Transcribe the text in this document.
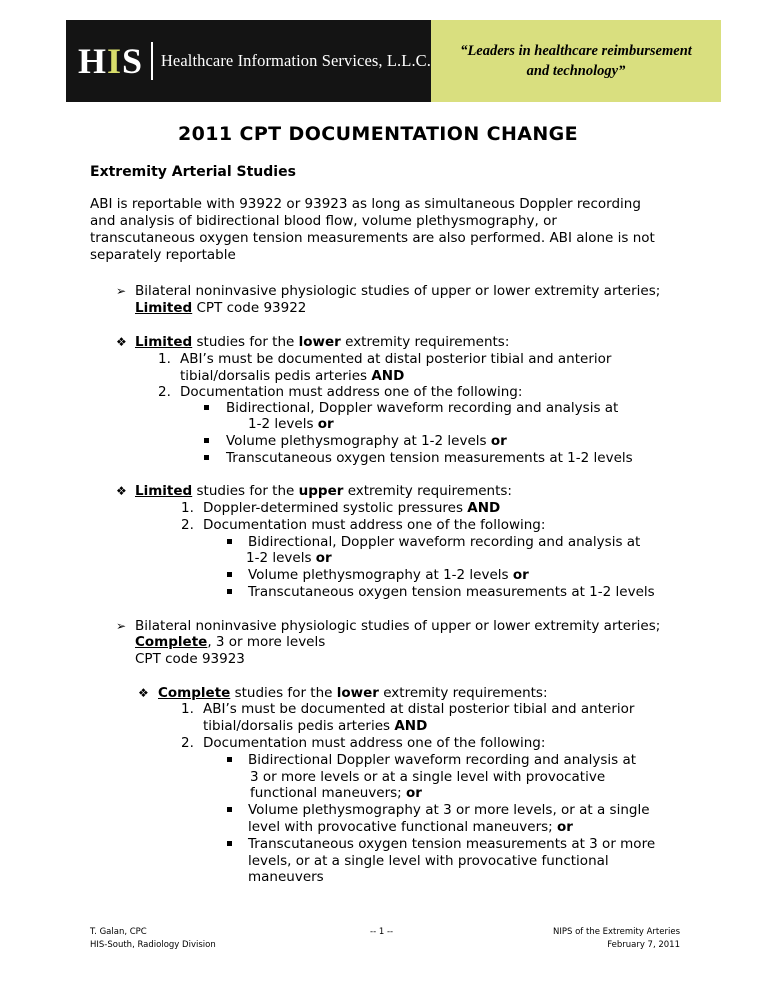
HIS Healthcare Information Services, L.L.C.
“Leaders in healthcare reimbursement
and technology”
2011 CPT DOCUMENTATION CHANGE
Extremity Arterial Studies
ABI is reportable with 93922 or 93923 as long as simultaneous Doppler recording
and analysis of bidirectional blood flow, volume plethysmography, or
transcutaneous oxygen tension measurements are also performed. ABI alone is not
separately reportable
➢ Bilateral noninvasive physiologic studies of upper or lower extremity arteries;
Limited CPT code 93922
❖ Limited studies for the lower extremity requirements:
1. ABI’s must be documented at distal posterior tibial and anterior
tibial/dorsalis pedis arteries AND
2. Documentation must address one of the following:
Bidirectional, Doppler waveform recording and analysis at
1-2 levels or
Volume plethysmography at 1-2 levels or
Transcutaneous oxygen tension measurements at 1-2 levels
❖ Limited studies for the upper extremity requirements:
1. Doppler-determined systolic pressures AND
2. Documentation must address one of the following:
Bidirectional, Doppler waveform recording and analysis at
1-2 levels or
Volume plethysmography at 1-2 levels or
Transcutaneous oxygen tension measurements at 1-2 levels
➢ Bilateral noninvasive physiologic studies of upper or lower extremity arteries;
Complete, 3 or more levels
CPT code 93923
❖ Complete studies for the lower extremity requirements:
1. ABI’s must be documented at distal posterior tibial and anterior
tibial/dorsalis pedis arteries AND
2. Documentation must address one of the following:
Bidirectional Doppler waveform recording and analysis at
3 or more levels or at a single level with provocative
functional maneuvers; or
Volume plethysmography at 3 or more levels, or at a single
level with provocative functional maneuvers; or
Transcutaneous oxygen tension measurements at 3 or more
levels, or at a single level with provocative functional
maneuvers
T. Galan, CPC
HIS-South, Radiology Division
-- 1 --	NIPS of the Extremity Arteries
February 7, 2011
